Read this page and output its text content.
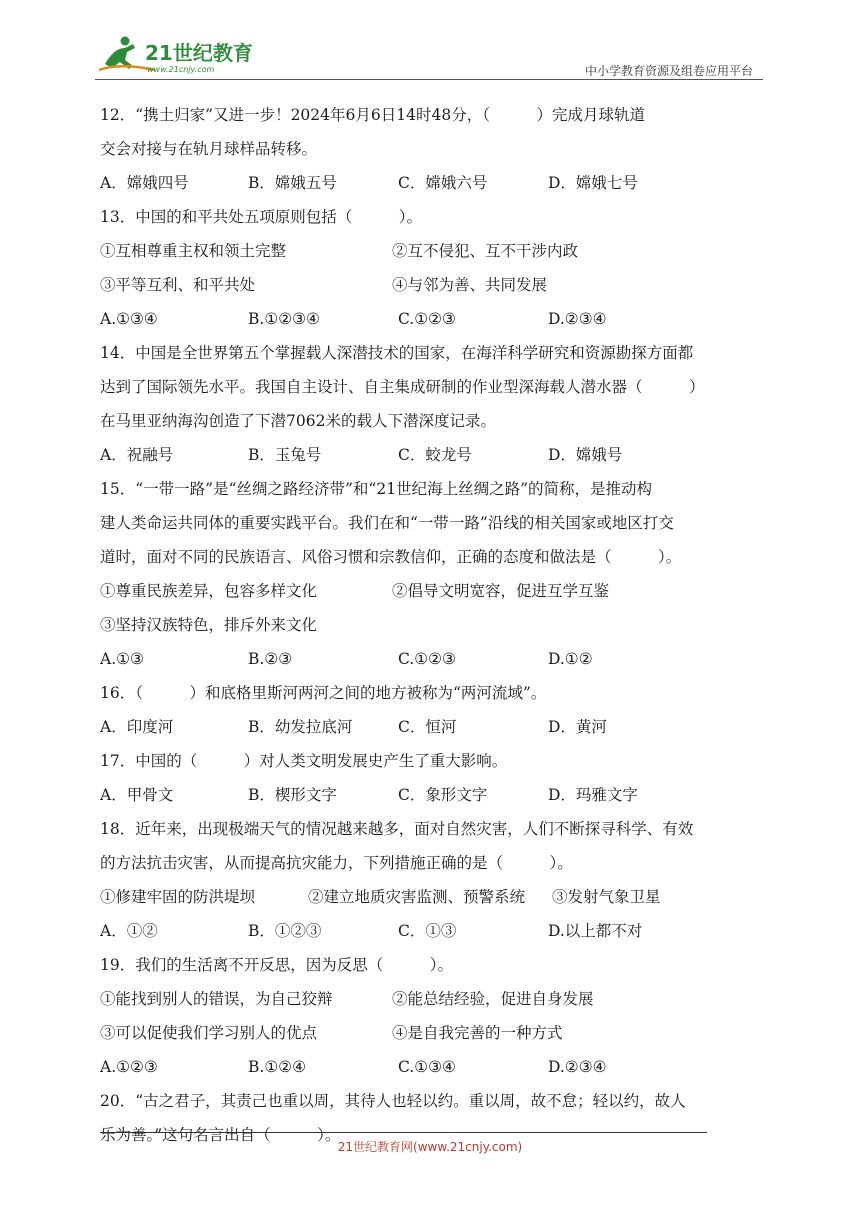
21世纪教育
www.21cnjy.com	中小学教育资源及组卷应用平台
12．“携土归家”又进一步！2024年6月6日14时48分，（　　　）完成月球轨道
交会对接与在轨月球样品转移。
A．嫦娥四号	B．嫦娥五号	C．嫦娥六号	D．嫦娥七号
13．中国的和平共处五项原则包括（　　　）。
①互相尊重主权和领土完整	②互不侵犯、互不干涉内政
③平等互利、和平共处	④与邻为善、共同发展
A.①③④	B.①②③④	C.①②③	D.②③④
14．中国是全世界第五个掌握载人深潜技术的国家，在海洋科学研究和资源勘探方面都
达到了国际领先水平。我国自主设计、自主集成研制的作业型深海载人潜水器（　　　）
在马里亚纳海沟创造了下潜7062米的载人下潜深度记录。
A．祝融号	B．玉兔号	C．蛟龙号	D．嫦娥号
15．“一带一路”是“丝绸之路经济带”和“21世纪海上丝绸之路”的简称，是推动构
建人类命运共同体的重要实践平台。我们在和“一带一路”沿线的相关国家或地区打交
道时，面对不同的民族语言、风俗习惯和宗教信仰，正确的态度和做法是（　　　）。
①尊重民族差异，包容多样文化	②倡导文明宽容，促进互学互鉴
③坚持汉族特色，排斥外来文化
A.①③	B.②③	C.①②③	D.①②
16．（　　　）和底格里斯河两河之间的地方被称为“两河流域”。
A．印度河	B．幼发拉底河	C．恒河	D．黄河
17．中国的（　　　）对人类文明发展史产生了重大影响。
A．甲骨文	B．楔形文字	C．象形文字	D．玛雅文字
18．近年来，出现极端天气的情况越来越多，面对自然灾害，人们不断探寻科学、有效
的方法抗击灾害，从而提高抗灾能力，下列措施正确的是（　　　）。
①修建牢固的防洪堤坝	②建立地质灾害监测、预警系统 ③发射气象卫星
A．①②	B．①②③	C．①③	D.以上都不对
19．我们的生活离不开反思，因为反思（　　　）。
①能找到别人的错误，为自己狡辩	②能总结经验，促进自身发展
③可以促使我们学习别人的优点	④是自我完善的一种方式
A.①②③	B.①②④	C.①③④	D.②③④
20．“古之君子，其责己也重以周，其待人也轻以约。重以周，故不怠；轻以约，故人
乐为善。”这句名言出自（　　　）。
21世纪教育网(www.21cnjy.com)
